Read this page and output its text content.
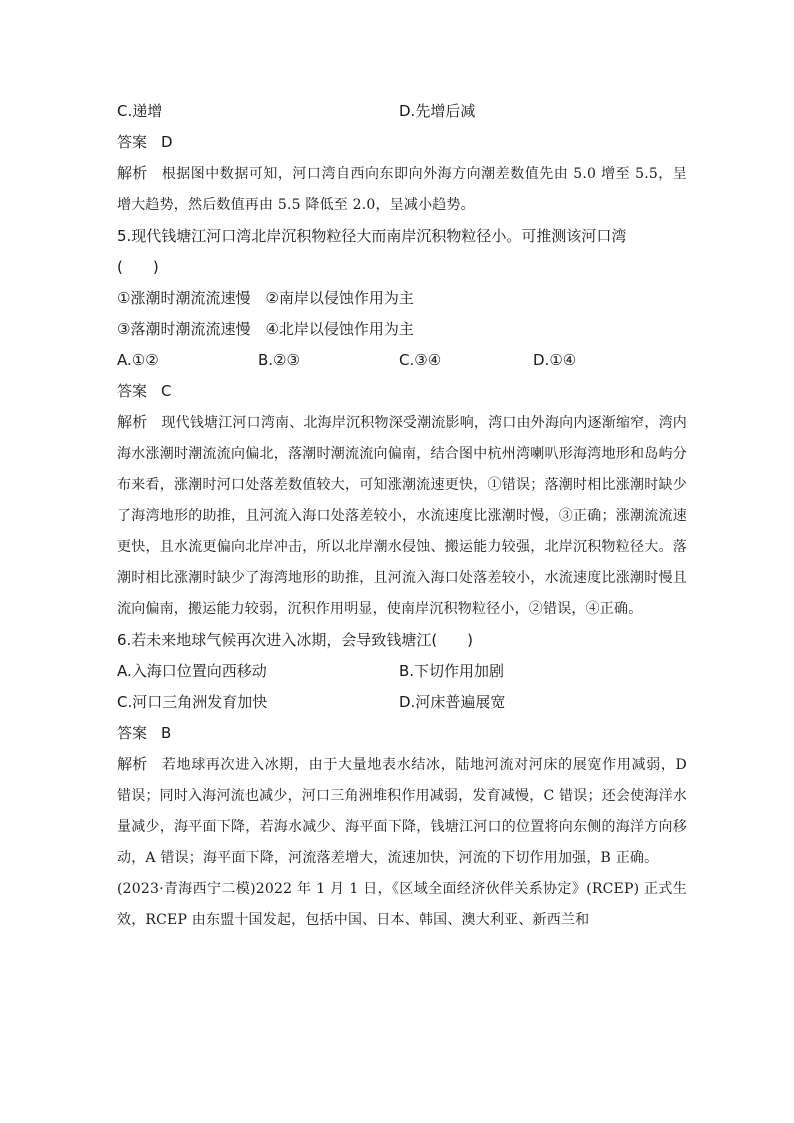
C.递增	D.先增后减
答案 D

解析 根据图中数据可知，河口湾自西向东即向外海方向潮差数值先由 5.0 增至 5.5，呈增大趋势，然后数值再由 5.5 降低至 2.0，呈减小趋势。

5.现代钱塘江河口湾北岸沉积物粒径大而南岸沉积物粒径小。可推测该河口湾
(　　)
①涨潮时潮流流速慢　②南岸以侵蚀作用为主
③落潮时潮流流速慢　④北岸以侵蚀作用为主
A.①②	B.②③	C.③④	D.①④
答案 C

解析 现代钱塘江河口湾南、北海岸沉积物深受潮流影响，湾口由外海向内逐渐缩窄，湾内海水涨潮时潮流流向偏北，落潮时潮流流向偏南，结合图中杭州湾喇叭形海湾地形和岛屿分布来看，涨潮时河口处落差数值较大，可知涨潮流速更快，①错误；落潮时相比涨潮时缺少了海湾地形的助推，且河流入海口处落差较小，水流速度比涨潮时慢，③正确；涨潮流流速更快，且水流更偏向北岸冲击，所以北岸潮水侵蚀、搬运能力较强，北岸沉积物粒径大。落潮时相比涨潮时缺少了海湾地形的助推，且河流入海口处落差较小，水流速度比涨潮时慢且流向偏南，搬运能力较弱，沉积作用明显，使南岸沉积物粒径小，②错误，④正确。

6.若未来地球气候再次进入冰期，会导致钱塘江(　　)
A.入海口位置向西移动	B.下切作用加剧
C.河口三角洲发育加快	D.河床普遍展宽
答案 B

解析 若地球再次进入冰期，由于大量地表水结冰，陆地河流对河床的展宽作用减弱，D 错误；同时入海河流也减少，河口三角洲堆积作用减弱，发育减慢，C 错误；还会使海洋水量减少，海平面下降，若海水减少、海平面下降，钱塘江河口的位置将向东侧的海洋方向移动，A 错误；海平面下降，河流落差增大，流速加快，河流的下切作用加强，B 正确。

(2023·青海西宁二模)2022 年 1 月 1 日，《区域全面经济伙伴关系协定》(RCEP) 正式生效，RCEP 由东盟十国发起，包括中国、日本、韩国、澳大利亚、新西兰和
